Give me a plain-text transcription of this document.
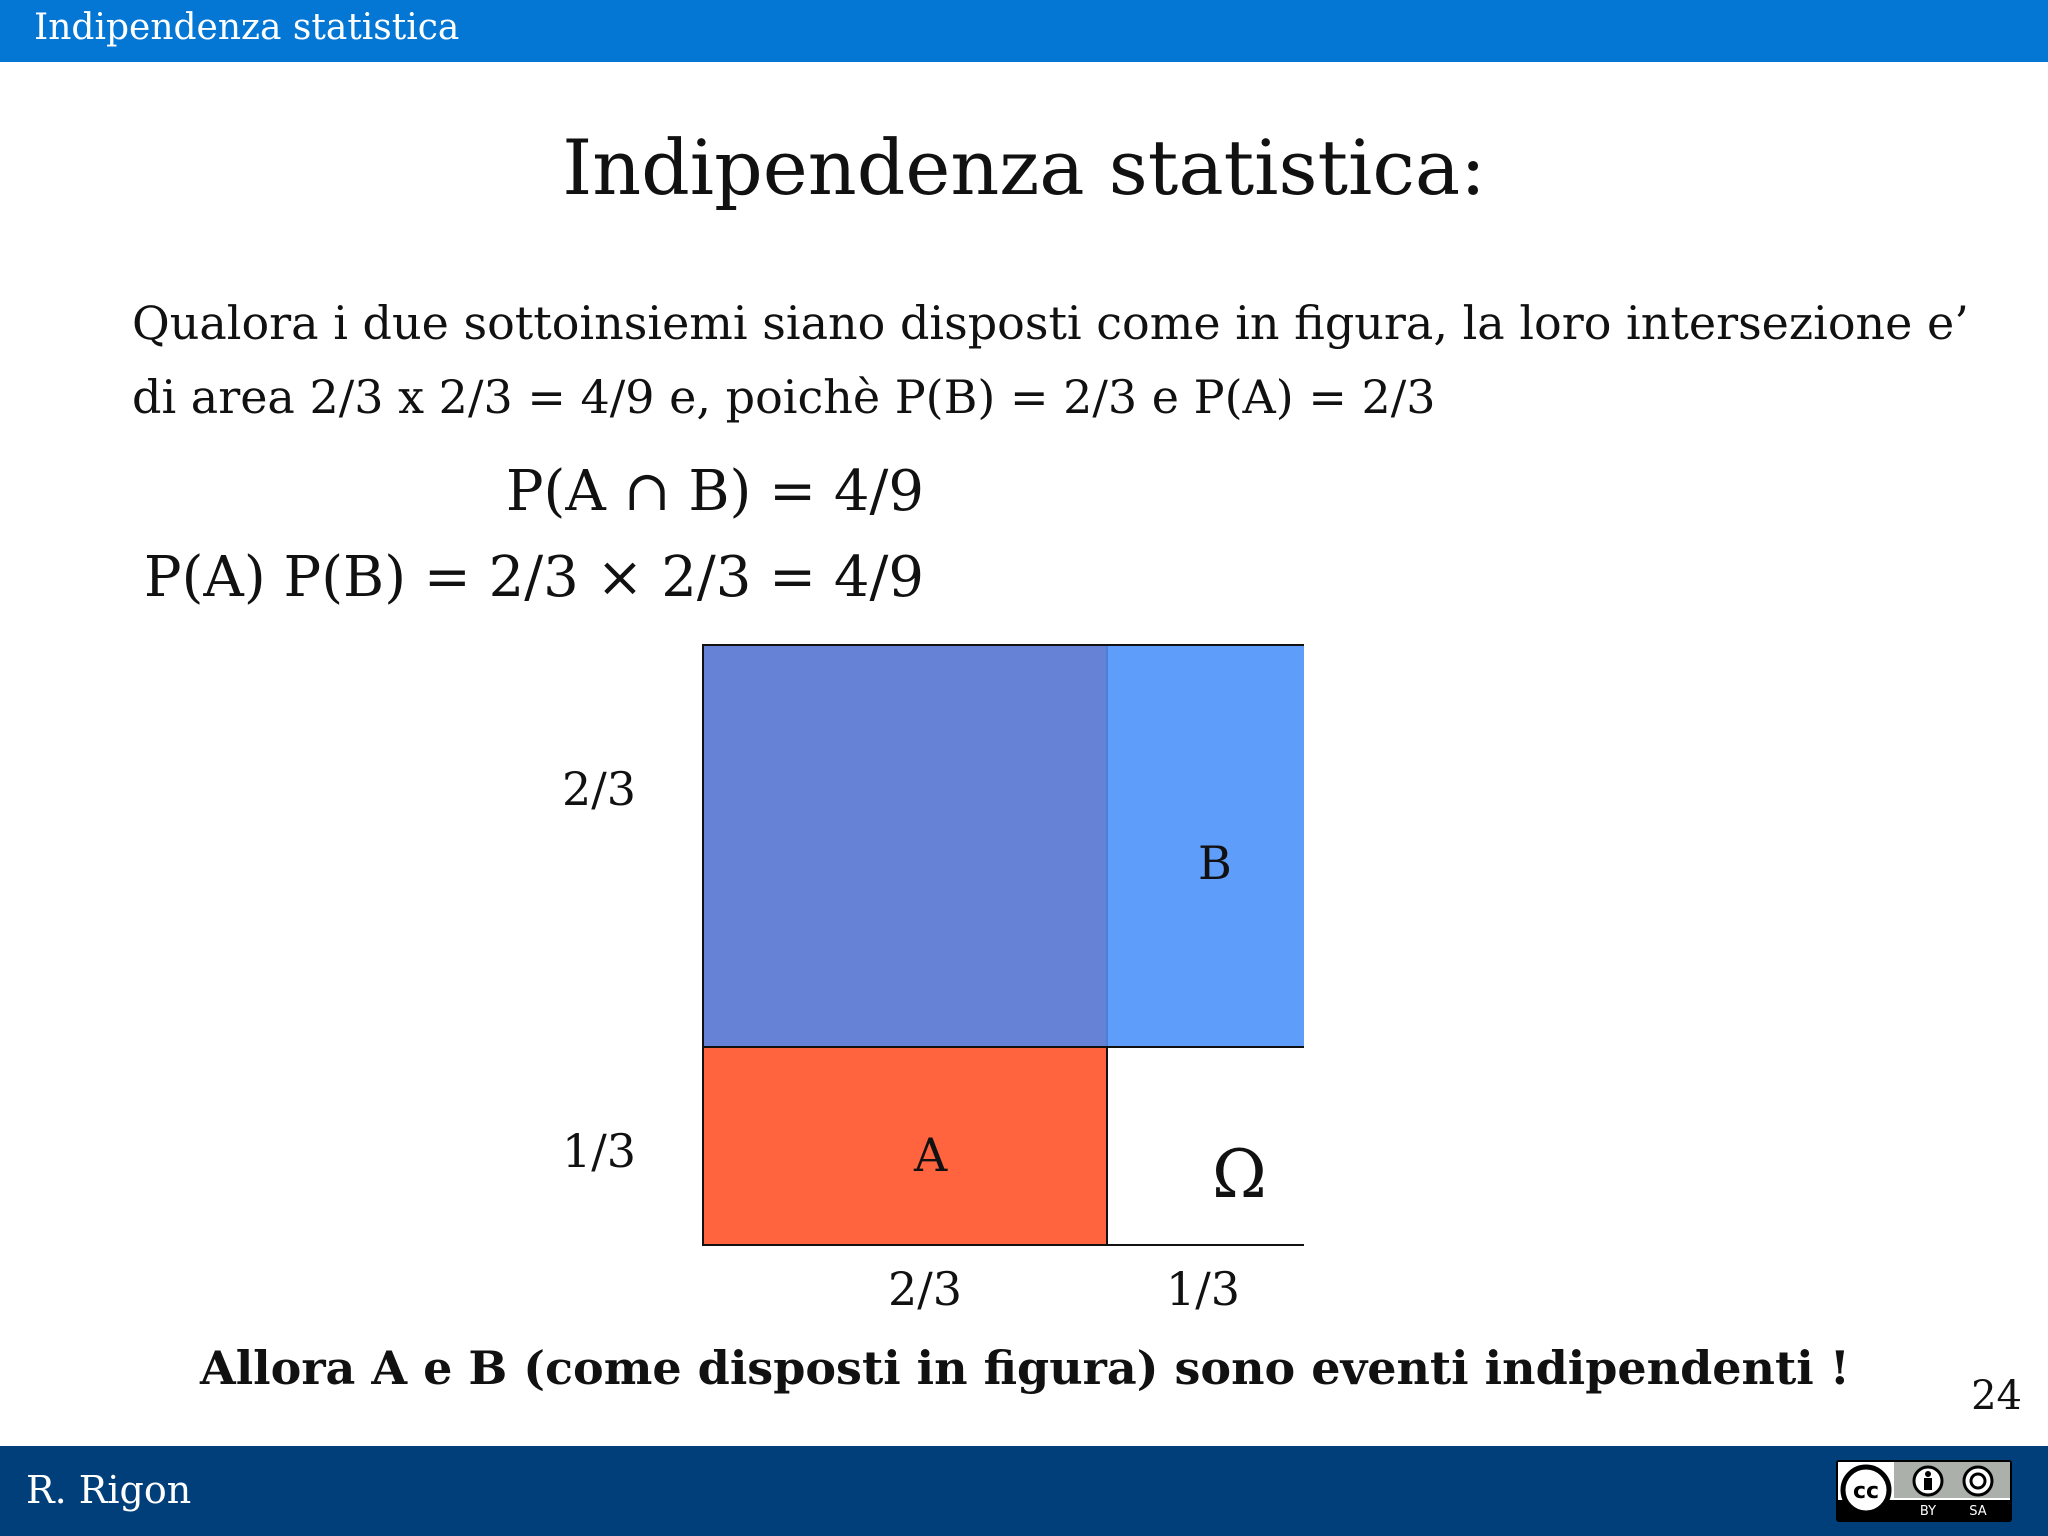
Indipendenza statistica
Indipendenza statistica:
Qualora i due sottoinsiemi siano disposti come in figura, la loro intersezione e’
di area 2/3 x 2/3 = 4/9 e, poichè P(B) = 2/3 e P(A) = 2/3
P(A ∩ B) = 4/9
P(A) P(B) = 2/3 × 2/3 = 4/9
B
A	Ω
2/3
1/3
2/3	1/3
Allora A e B (come disposti in figura) sono eventi indipendenti !
24
R. Rigon	cc
BY	SA
